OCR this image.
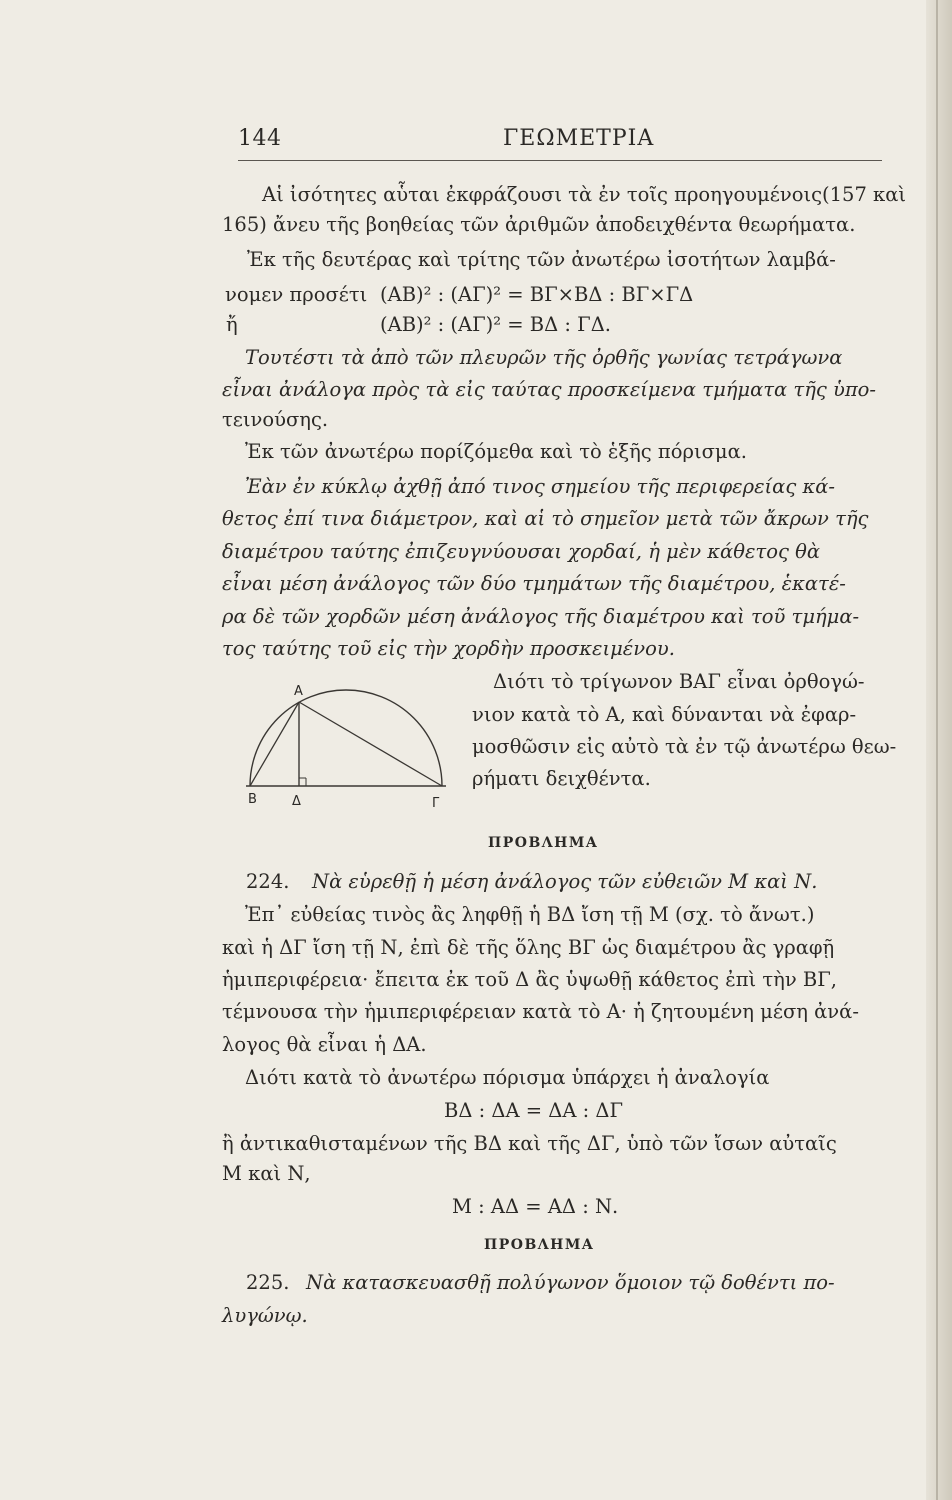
144	ΓΕΩΜΕΤΡΙΑ
Αἱ ἰσότητες αὗται ἐκφράζουσι τὰ ἐν τοῖς προηγουμένοις(157 καὶ
165) ἄνευ τῆς βοηθείας τῶν ἀριθμῶν ἀποδειχθέντα θεωρήματα.
Ἐκ τῆς δευτέρας καὶ τρίτης τῶν ἀνωτέρω ἰσοτήτων λαμβά-
νομεν προσέτι (ΑΒ)² : (ΑΓ)² = ΒΓ×ΒΔ : ΒΓ×ΓΔ
ἤ	(ΑΒ)² : (ΑΓ)² = ΒΔ : ΓΔ.
Τουτέστι τὰ ἀπὸ τῶν πλευρῶν τῆς ὀρθῆς γωνίας τετράγωνα
εἶναι ἀνάλογα πρὸς τὰ εἰς ταύτας προσκείμενα τμήματα τῆς ὑπο-
τεινούσης.
Ἐκ τῶν ἀνωτέρω πορίζόμεθα καὶ τὸ ἑξῆς πόρισμα.
Ἐὰν ἐν κύκλῳ ἀχθῇ ἀπό τινος σημείου τῆς περιφερείας κά-
θετος ἐπί τινα διάμετρον, καὶ αἱ τὸ σημεῖον μετὰ τῶν ἄκρων τῆς
διαμέτρου ταύτης ἐπιζευγνύουσαι χορδαί, ἡ μὲν κάθετος θὰ
εἶναι μέση ἀνάλογος τῶν δύο τμημάτων τῆς διαμέτρου, ἑκατέ-
ρα δὲ τῶν χορδῶν μέση ἀνάλογος τῆς διαμέτρου καὶ τοῦ τμήμα-
τος ταύτης τοῦ εἰς τὴν χορδὴν προσκειμένου.
Διότι τὸ τρίγωνον ΒΑΓ εἶναι ὀρθογώ-
νιον κατὰ τὸ Α, καὶ δύνανται νὰ ἐφαρ-
μοσθῶσιν εἰς αὐτὸ τὰ ἐν τῷ ἀνωτέρω θεω-
ρήματι δειχθέντα.
A
B	Δ	Γ
ΠΡΟΒΛΗΜΑ
224. Νὰ εὑρεθῇ ἡ μέση ἀνάλογος τῶν εὐθειῶν Μ καὶ Ν.
Ἐπ᾽ εὐθείας τινὸς ἂς ληφθῇ ἡ ΒΔ ἴση τῇ Μ (σχ. τὸ ἄνωτ.)
καὶ ἡ ΔΓ ἴση τῇ Ν, ἐπὶ δὲ τῆς ὅλης ΒΓ ὡς διαμέτρου ἂς γραφῇ
ἡμιπεριφέρεια· ἔπειτα ἐκ τοῦ Δ ἂς ὑψωθῇ κάθετος ἐπὶ τὴν ΒΓ,
τέμνουσα τὴν ἡμιπεριφέρειαν κατὰ τὸ Α· ἡ ζητουμένη μέση ἀνά-
λογος θὰ εἶναι ἡ ΔΑ.
Διότι κατὰ τὸ ἀνωτέρω πόρισμα ὑπάρχει ἡ ἀναλογία
ΒΔ : ΔΑ = ΔΑ : ΔΓ
ἢ ἀντικαθισταμένων τῆς ΒΔ καὶ τῆς ΔΓ, ὑπὸ τῶν ἴσων αὐταῖς
Μ καὶ Ν,
Μ : ΑΔ = ΑΔ : Ν.
ΠΡΟΒΛΗΜΑ
225. Νὰ κατασκευασθῇ πολύγωνον ὅμοιον τῷ δοθέντι πο-
λυγώνῳ.
